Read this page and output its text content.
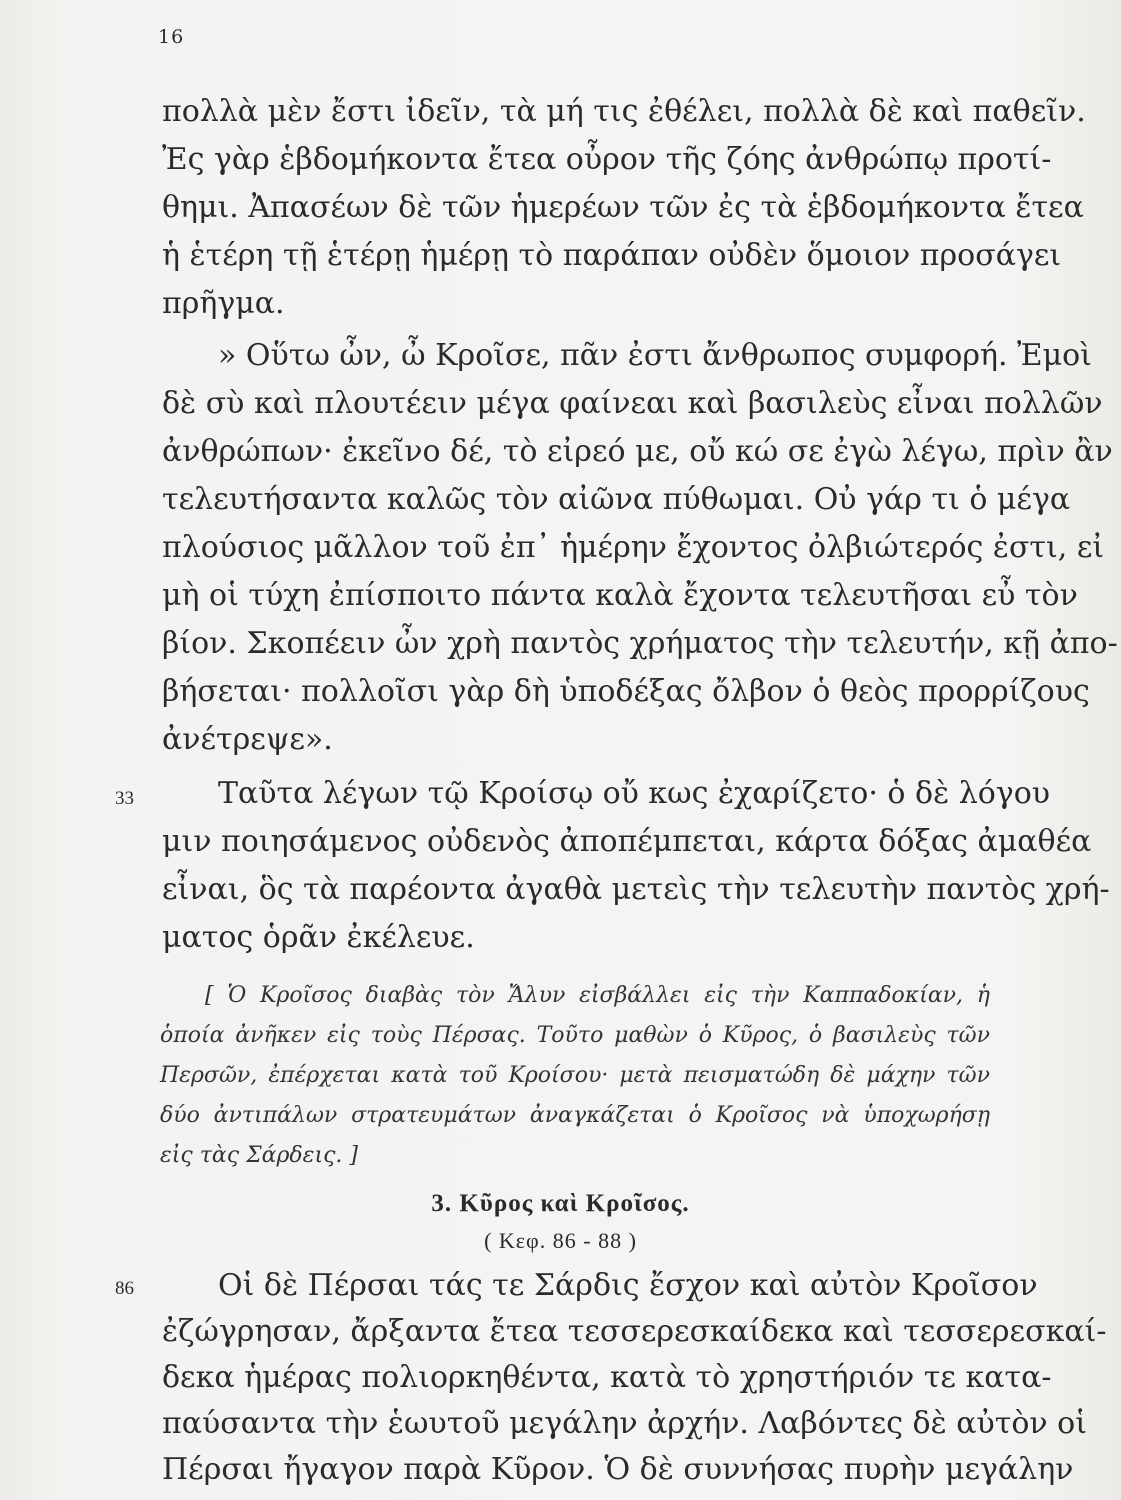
16
πολλὰ μὲν ἔστι ἰδεῖν, τὰ μή τις ἐθέλει, πολλὰ δὲ καὶ παθεῖν.
Ἐς γὰρ ἑβδομήκοντα ἔτεα οὖρον τῆς ζόης ἀνθρώπῳ προτί-
θημι. Ἀπασέων δὲ τῶν ἡμερέων τῶν ἐς τὰ ἑβδομήκοντα ἔτεα
ἡ ἑτέρη τῇ ἑτέρῃ ἡμέρῃ τὸ παράπαν οὐδὲν ὅμοιον προσάγει
πρῆγμα.
» Οὕτω ὦν, ὦ Κροῖσε, πᾶν ἐστι ἄνθρωπος συμφορή. Ἐμοὶ
δὲ σὺ καὶ πλουτέειν μέγα φαίνεαι καὶ βασιλεὺς εἶναι πολλῶν
ἀνθρώπων· ἐκεῖνο δέ, τὸ εἰρεό με, οὔ κώ σε ἐγὼ λέγω, πρὶν ἂν
τελευτήσαντα καλῶς τὸν αἰῶνα πύθωμαι. Οὐ γάρ τι ὁ μέγα
πλούσιος μᾶλλον τοῦ ἐπ᾽ ἡμέρην ἔχοντος ὀλβιώτερός ἐστι, εἰ
μὴ οἱ τύχη ἐπίσποιτο πάντα καλὰ ἔχοντα τελευτῆσαι εὖ τὸν
βίον. Σκοπέειν ὦν χρὴ παντὸς χρήματος τὴν τελευτήν, κῇ ἀπο-
βήσεται· πολλοῖσι γὰρ δὴ ὑποδέξας ὄλβον ὁ θεὸς προρρίζους
ἀνέτρεψε».
33	Ταῦτα λέγων τῷ Κροίσῳ οὔ κως ἐχαρίζετο· ὁ δὲ λόγου
μιν ποιησάμενος οὐδενὸς ἀποπέμπεται, κάρτα δόξας ἀμαθέα
εἶναι, ὃς τὰ παρέοντα ἀγαθὰ μετεὶς τὴν τελευτὴν παντὸς χρή-
ματος ὁρᾶν ἐκέλευε.
[ Ὁ Κροῖσος διαβὰς τὸν Ἄλυν εἰσβάλλει εἰς τὴν Καππαδοκίαν, ἡ
ὁποία ἀνῆκεν εἰς τοὺς Πέρσας. Τοῦτο μαθὼν ὁ Κῦρος, ὁ βασιλεὺς τῶν
Περσῶν, ἐπέρχεται κατὰ τοῦ Κροίσου· μετὰ πεισματώδη δὲ μάχην τῶν
δύο ἀντιπάλων στρατευμάτων ἀναγκάζεται ὁ Κροῖσος νὰ ὑποχωρήσῃ
εἰς τὰς Σάρδεις. ]
3. Κῦρος καὶ Κροῖσος.
( Κεφ. 86 - 88 )
86	Οἱ δὲ Πέρσαι τάς τε Σάρδις ἔσχον καὶ αὐτὸν Κροῖσον
ἐζώγρησαν, ἄρξαντα ἔτεα τεσσερεσκαίδεκα καὶ τεσσερεσκαί-
δεκα ἡμέρας πολιορκηθέντα, κατὰ τὸ χρηστήριόν τε κατα-
παύσαντα τὴν ἑωυτοῦ μεγάλην ἀρχήν. Λαβόντες δὲ αὐτὸν οἱ
Πέρσαι ἤγαγον παρὰ Κῦρον. Ὁ δὲ συννήσας πυρὴν μεγάλην
